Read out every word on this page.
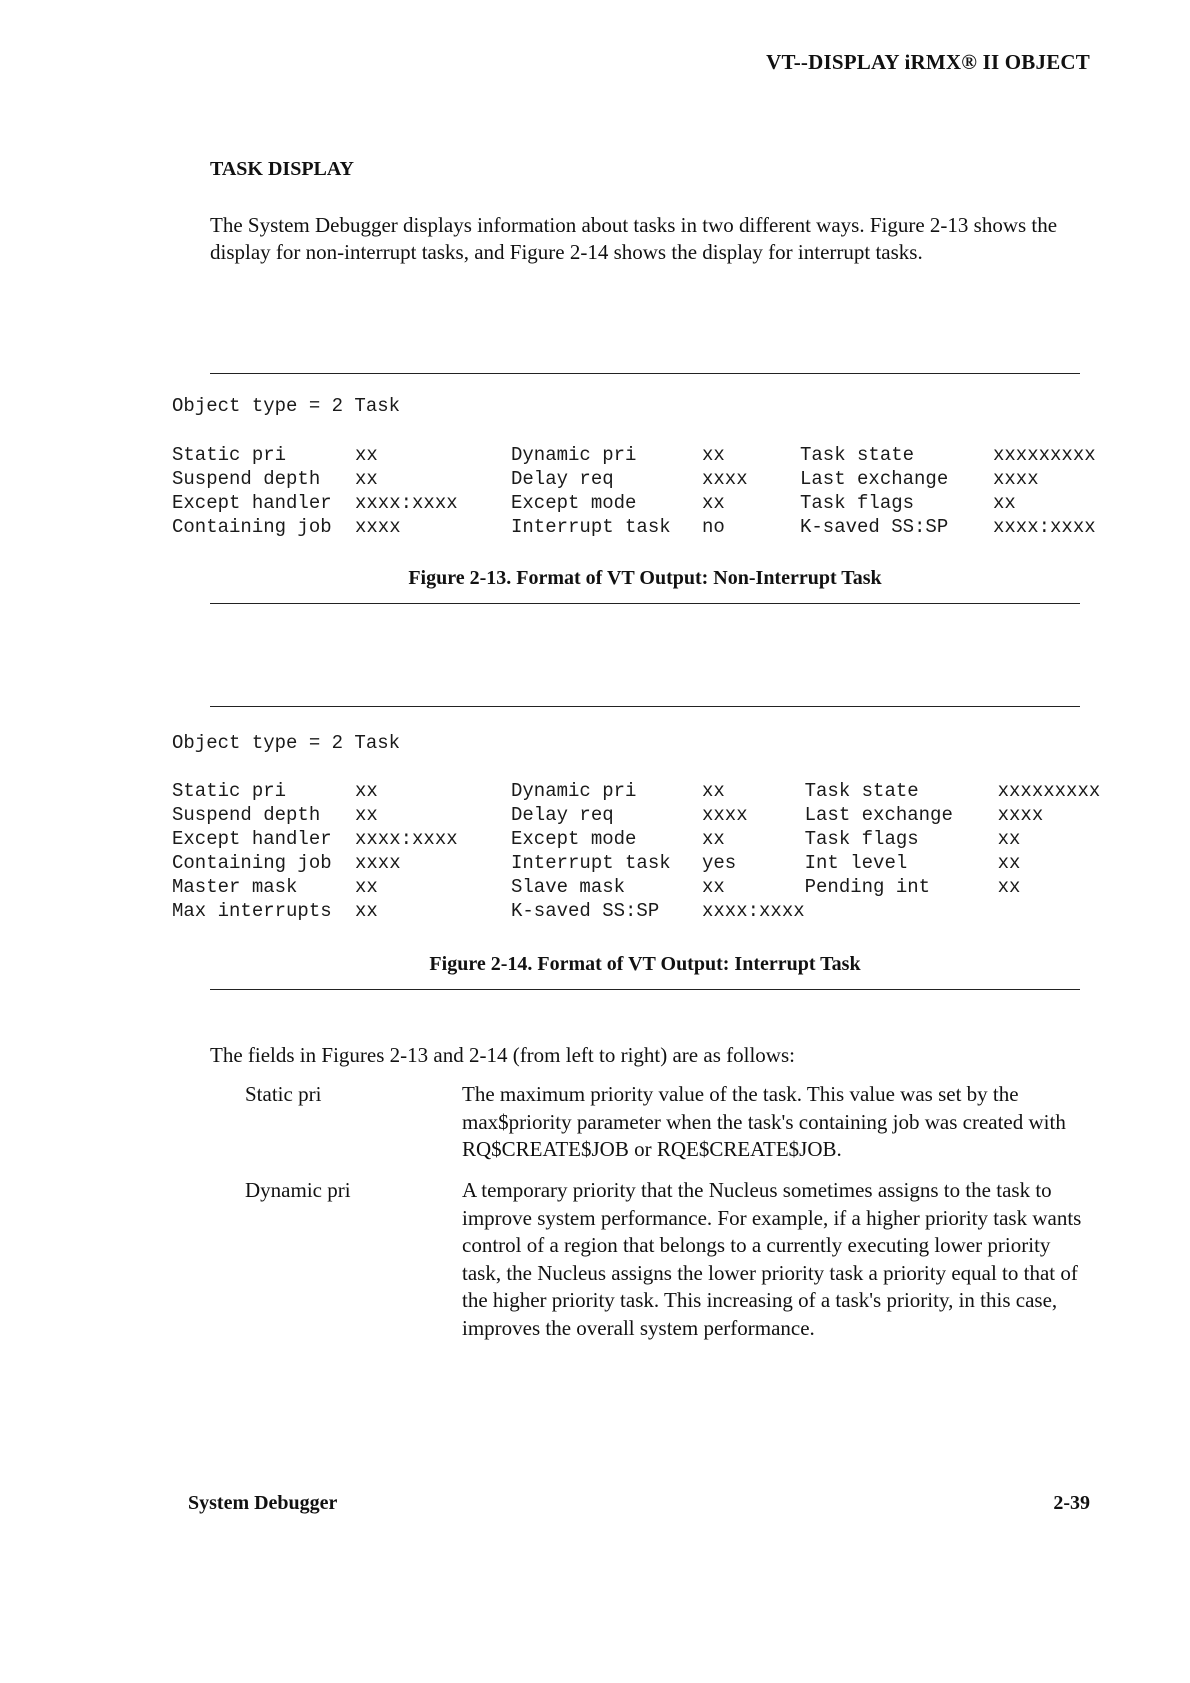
VT--DISPLAY iRMX® II OBJECT
TASK DISPLAY
The System Debugger displays information about tasks in two different ways. Figure 2-13 shows the display for non-interrupt tasks, and Figure 2-14 shows the display for interrupt tasks.
Object type = 2 Task
Static pri	xx	Dynamic pri	xx	Task state	xxxxxxxxx
Suspend depth	xx	Delay req	xxxx	Last exchange	xxxx
Except handler	xxxx:xxxx	Except mode	xx	Task flags	xx
Containing job	xxxx	Interrupt task	no	K-saved SS:SP	xxxx:xxxx
Figure 2-13. Format of VT Output: Non-Interrupt Task
Object type = 2 Task
Static pri	xx	Dynamic pri	xx	Task state	xxxxxxxxx
Suspend depth	xx	Delay req	xxxx	Last exchange	xxxx
Except handler	xxxx:xxxx	Except mode	xx	Task flags	xx
Containing job	xxxx	Interrupt task	yes	Int level	xx
Master mask	xx	Slave mask	xx	Pending int	xx
Max interrupts	xx	K-saved SS:SP	xxxx:xxxx		
Figure 2-14. Format of VT Output: Interrupt Task
The fields in Figures 2-13 and 2-14 (from left to right) are as follows:
Static pri	The maximum priority value of the task. This value was set by the max$priority parameter when the task's containing job was created with RQ$CREATE$JOB or RQE$CREATE$JOB.
Dynamic pri	A temporary priority that the Nucleus sometimes assigns to the task to improve system performance. For example, if a higher priority task wants control of a region that belongs to a currently executing lower priority task, the Nucleus assigns the lower priority task a priority equal to that of the higher priority task. This increasing of a task's priority, in this case, improves the overall system performance.
System Debugger	2-39
